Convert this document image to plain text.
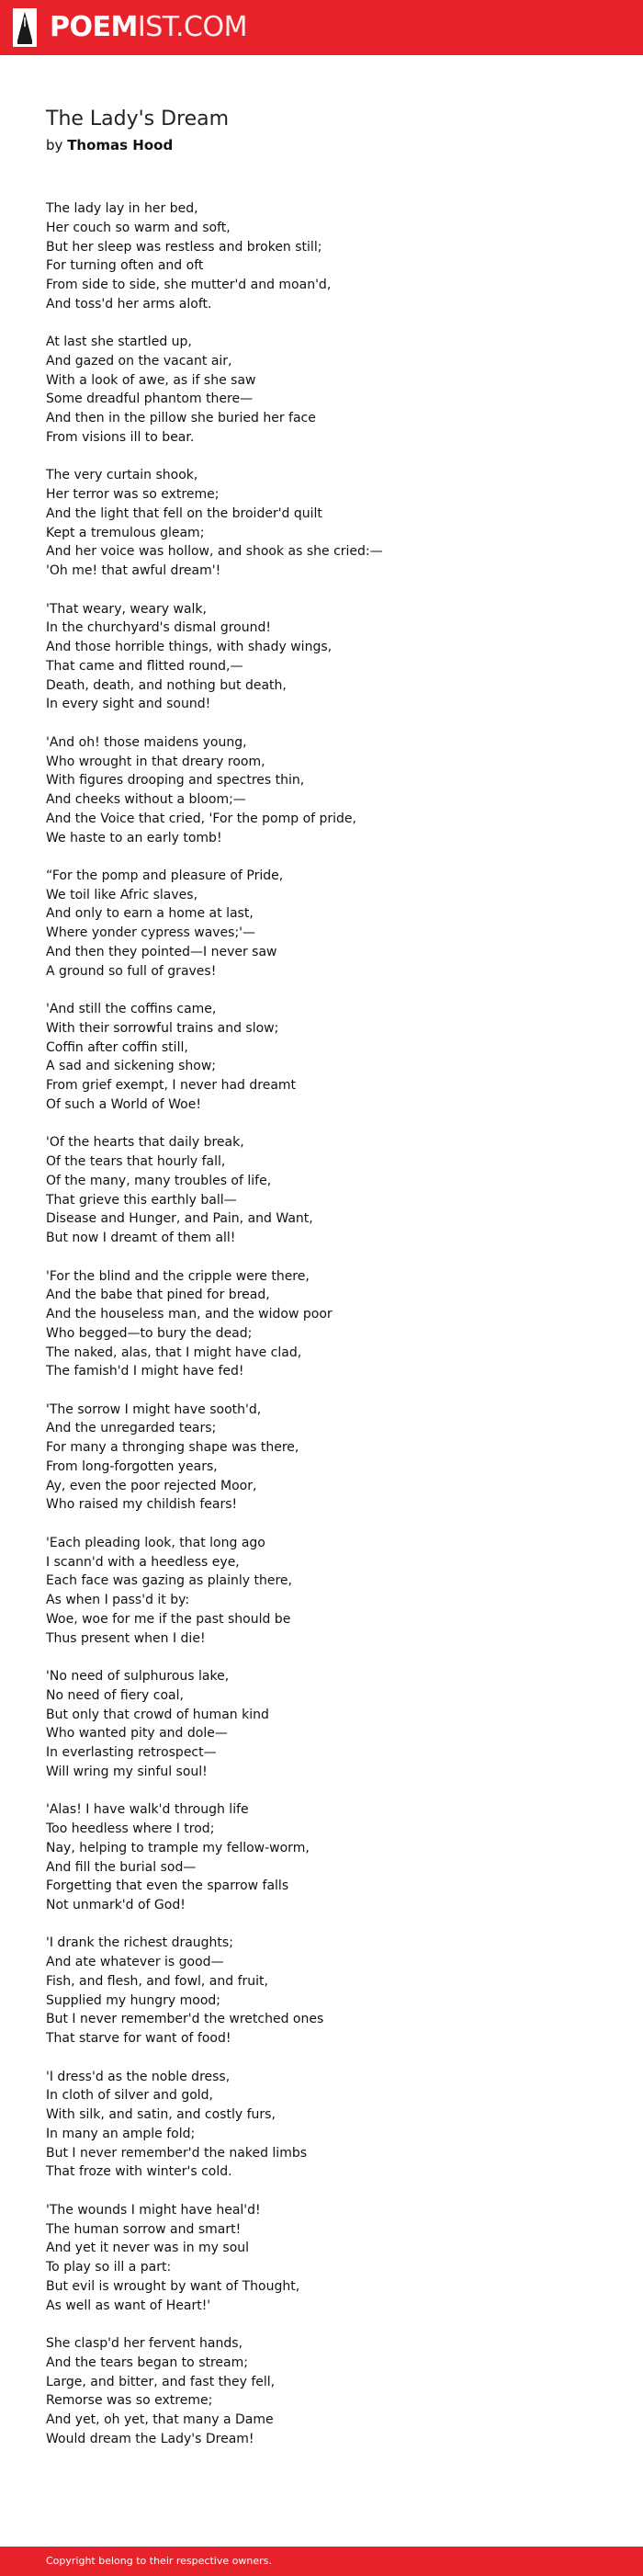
POEMIST.COM
The Lady's Dream
by Thomas Hood

The lady lay in her bed,
Her couch so warm and soft,
But her sleep was restless and broken still;
For turning often and oft
From side to side, she mutter'd and moan'd,
And toss'd her arms aloft.

At last she startled up,
And gazed on the vacant air,
With a look of awe, as if she saw
Some dreadful phantom there—
And then in the pillow she buried her face
From visions ill to bear.

The very curtain shook,
Her terror was so extreme;
And the light that fell on the broider'd quilt
Kept a tremulous gleam;
And her voice was hollow, and shook as she cried:—
'Oh me! that awful dream'!

'That weary, weary walk,
In the churchyard's dismal ground!
And those horrible things, with shady wings,
That came and flitted round,—
Death, death, and nothing but death,
In every sight and sound!

'And oh! those maidens young,
Who wrought in that dreary room,
With figures drooping and spectres thin,
And cheeks without a bloom;—
And the Voice that cried, 'For the pomp of pride,
We haste to an early tomb!

“For the pomp and pleasure of Pride,
We toil like Afric slaves,
And only to earn a home at last,
Where yonder cypress waves;'—
And then they pointed—I never saw
A ground so full of graves!

'And still the coffins came,
With their sorrowful trains and slow;
Coffin after coffin still,
A sad and sickening show;
From grief exempt, I never had dreamt
Of such a World of Woe!

'Of the hearts that daily break,
Of the tears that hourly fall,
Of the many, many troubles of life,
That grieve this earthly ball—
Disease and Hunger, and Pain, and Want,
But now I dreamt of them all!

'For the blind and the cripple were there,
And the babe that pined for bread,
And the houseless man, and the widow poor
Who begged—to bury the dead;
The naked, alas, that I might have clad,
The famish'd I might have fed!

'The sorrow I might have sooth'd,
And the unregarded tears;
For many a thronging shape was there,
From long-forgotten years,
Ay, even the poor rejected Moor,
Who raised my childish fears!

'Each pleading look, that long ago
I scann'd with a heedless eye,
Each face was gazing as plainly there,
As when I pass'd it by:
Woe, woe for me if the past should be
Thus present when I die!

'No need of sulphurous lake,
No need of fiery coal,
But only that crowd of human kind
Who wanted pity and dole—
In everlasting retrospect—
Will wring my sinful soul!

'Alas! I have walk'd through life
Too heedless where I trod;
Nay, helping to trample my fellow-worm,
And fill the burial sod—
Forgetting that even the sparrow falls
Not unmark'd of God!

'I drank the richest draughts;
And ate whatever is good—
Fish, and flesh, and fowl, and fruit,
Supplied my hungry mood;
But I never remember'd the wretched ones
That starve for want of food!

'I dress'd as the noble dress,
In cloth of silver and gold,
With silk, and satin, and costly furs,
In many an ample fold;
But I never remember'd the naked limbs
That froze with winter's cold.

'The wounds I might have heal'd!
The human sorrow and smart!
And yet it never was in my soul
To play so ill a part:
But evil is wrought by want of Thought,
As well as want of Heart!'

She clasp'd her fervent hands,
And the tears began to stream;
Large, and bitter, and fast they fell,
Remorse was so extreme;
And yet, oh yet, that many a Dame
Would dream the Lady's Dream!

Copyright belong to their respective owners.
